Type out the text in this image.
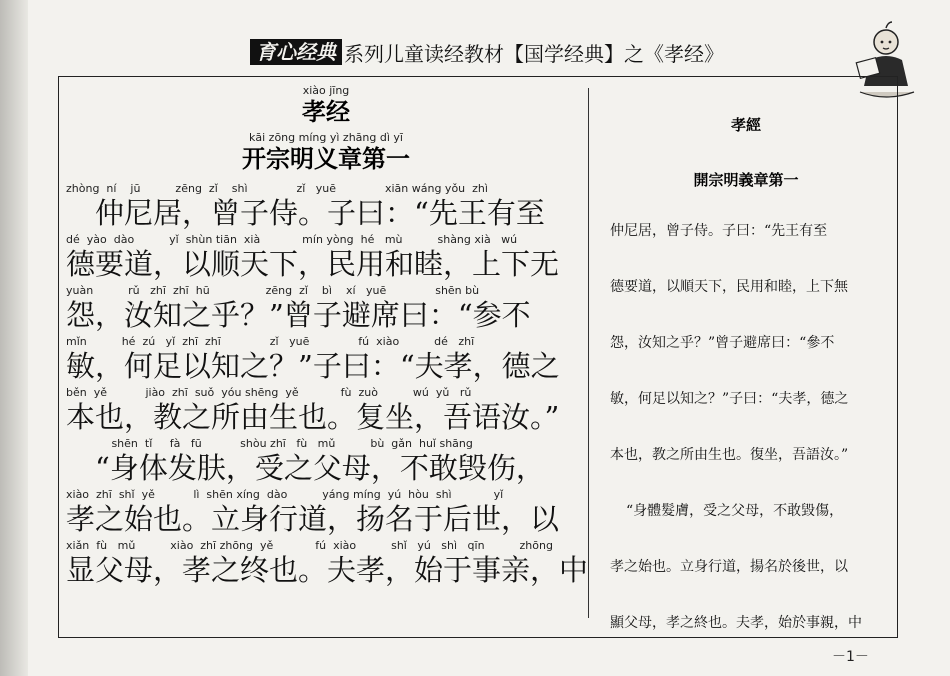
育心经典 系列儿童读经教材【国学经典】之《孝经》
xiào jīng
孝经
kāi zōng míng yì zhāng dì yī
开宗明义章第一
zhòng  ní    jū          zēng  zǐ    shì              zǐ   yuē              xiān wáng yǒu  zhì
　仲尼居，曾子侍。子曰：“先王有至
dé  yào  dào          yǐ  shùn tiān  xià            mín yòng  hé   mù          shàng xià   wú
德要道，以顺天下，民用和睦，上下无
yuàn          rǔ   zhī  zhī  hū                zēng  zǐ    bì    xí   yuē              shēn bù
怨，汝知之乎？”曾子避席曰：“参不
mǐn          hé  zú   yǐ  zhī  zhī              zǐ   yuē              fú  xiào          dé   zhī
敏，何足以知之？”子曰：“夫孝，德之
běn  yě           jiào  zhī  suǒ  yóu shēng  yě            fù  zuò          wú  yǔ   rǔ
本也，教之所由生也。复坐，吾语汝。”
shēn  tǐ     fà   fū           shòu zhī   fù   mǔ          bù  gǎn  huǐ shāng
　“身体发肤，受之父母，不敢毁伤，
xiào  zhī  shǐ  yě           lì  shēn xíng  dào          yáng míng  yú  hòu  shì            yǐ
孝之始也。立身行道，扬名于后世，以
xiǎn  fù   mǔ          xiào  zhī zhōng  yě            fú  xiào          shǐ   yú   shì   qīn          zhōng
显父母，孝之终也。夫孝，始于事亲，中
孝經
開宗明義章第一
仲尼居，曾子侍。子曰：“先王有至
德要道，以順天下，民用和睦，上下無
怨，汝知之乎？”曾子避席曰：“參不
敏，何足以知之？”子曰：“夫孝，德之
本也，教之所由生也。復坐，吾語汝。”
“身體髮膚，受之父母，不敢毀傷，
孝之始也。立身行道，揚名於後世，以
顯父母，孝之終也。夫孝，始於事親，中
－1－
